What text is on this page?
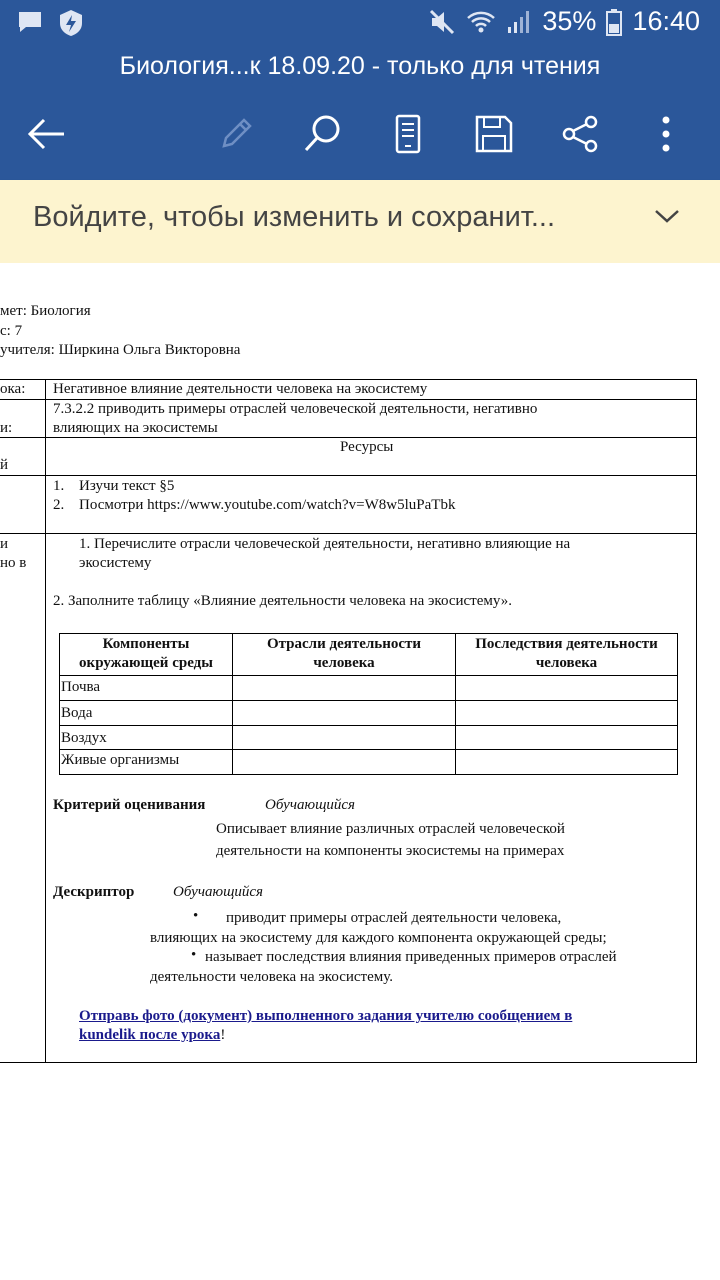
35% 16:40
Биология...к 18.09.20 - только для чтения
Войдите, чтобы изменить и сохранит...
мет: Биология
с: 7
учителя: Ширкина Ольга Викторовна
ока: Негативное влияние деятельности человека на экосистему
и:
7.3.2.2 приводить примеры отраслей человеческой деятельности, негативно
влияющих на экосистемы
й
Ресурсы
1. Изучи текст §5
2. Посмотри https://www.youtube.com/watch?v=W8w5luPaTbk
и
но в
1. Перечислите отрасли человеческой деятельности, негативно влияющие на
экосистему
2. Заполните таблицу «Влияние деятельности человека на экосистему».
Компоненты
окружающей среды
Отрасли деятельности
человека
Последствия деятельности
человека
Почва
Вода
Воздух
Живые организмы
Критерий оценивания	Обучающийся
Описывает влияние различных отраслей человеческой
деятельности на компоненты экосистемы на примерах
Дескриптор	Обучающийся
• приводит примеры отраслей деятельности человека,
влияющих на экосистему для каждого компонента окружающей среды;
• называет последствия влияния приведенных примеров отраслей
деятельности человека на экосистему.
Отправь фото (документ) выполненного задания учителю сообщением в
kundelik после урока!
